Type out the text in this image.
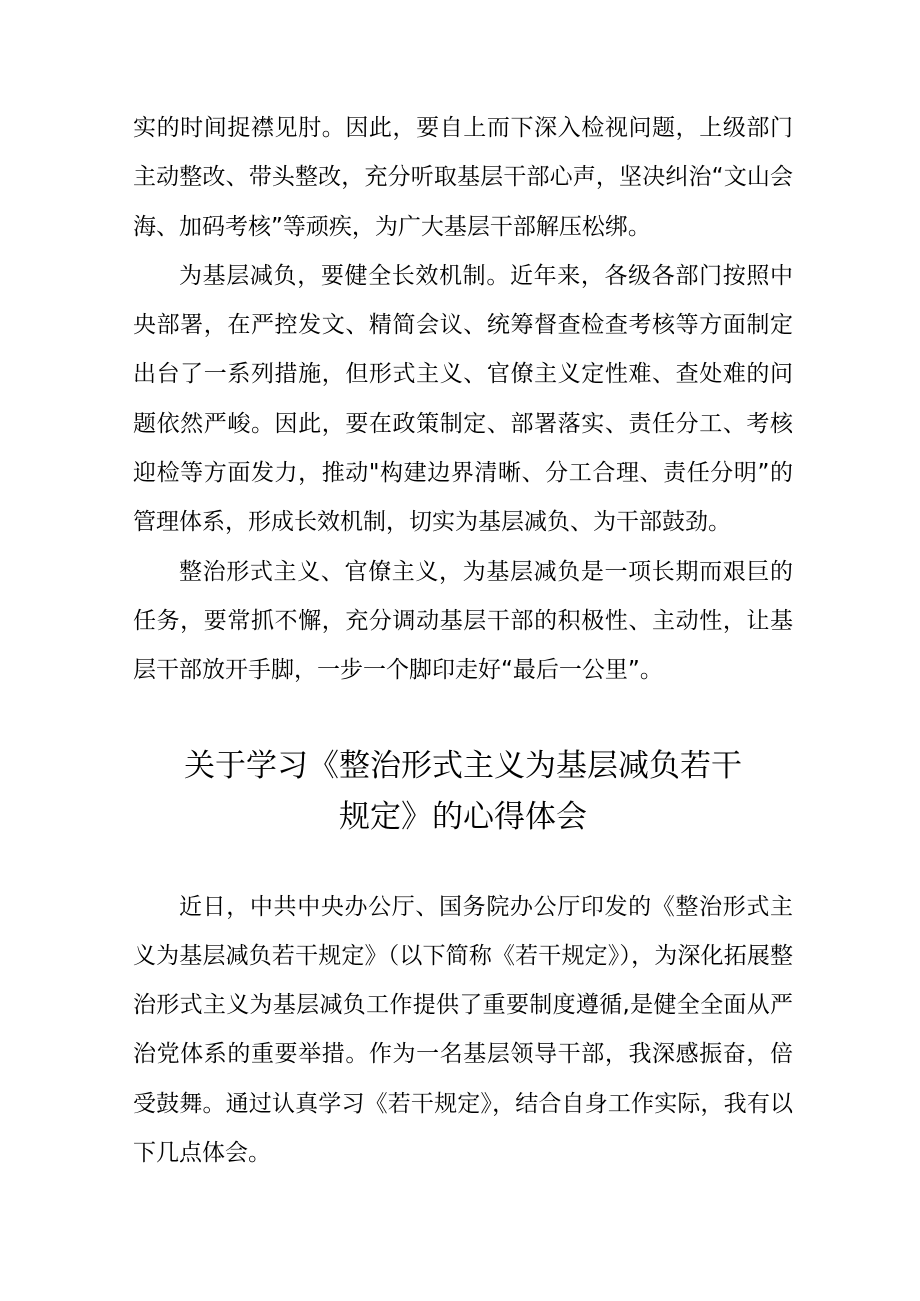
实的时间捉襟见肘。因此，要自上而下深入检视问题，上级部门主动整改、带头整改，充分听取基层干部心声，坚决纠治“文山会海、加码考核”等顽疾，为广大基层干部解压松绑。

为基层减负，要健全长效机制。近年来，各级各部门按照中央部署，在严控发文、精简会议、统筹督查检查考核等方面制定出台了一系列措施，但形式主义、官僚主义定性难、查处难的问题依然严峻。因此，要在政策制定、部署落实、责任分工、考核迎检等方面发力，推动"构建边界清晰、分工合理、责任分明”的管理体系，形成长效机制，切实为基层减负、为干部鼓劲。

整治形式主义、官僚主义，为基层减负是一项长期而艰巨的任务，要常抓不懈，充分调动基层干部的积极性、主动性，让基层干部放开手脚，一步一个脚印走好“最后一公里”。

关于学习《整治形式主义为基层减负若干
规定》的心得体会

近日，中共中央办公厅、国务院办公厅印发的《整治形式主义为基层减负若干规定》（以下简称《若干规定》），为深化拓展整治形式主义为基层减负工作提供了重要制度遵循,是健全全面从严治党体系的重要举措。作为一名基层领导干部，我深感振奋，倍受鼓舞。通过认真学习《若干规定》，结合自身工作实际，我有以下几点体会。
